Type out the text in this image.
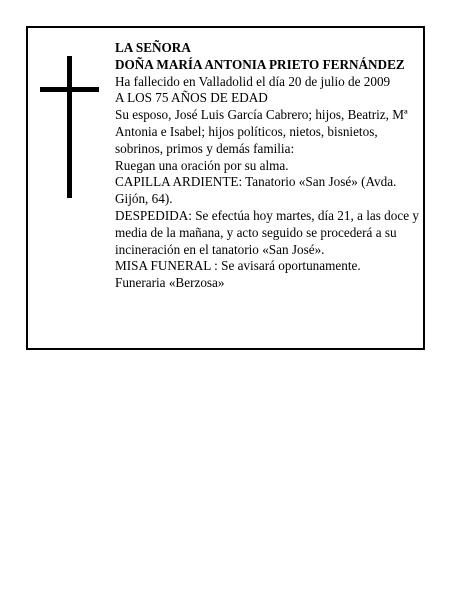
LA SEÑORA
DOÑA MARÍA ANTONIA PRIETO FERNÁNDEZ
Ha fallecido en Valladolid el día 20 de julio de 2009
A LOS 75 AÑOS DE EDAD
Su esposo, José Luis García Cabrero; hijos, Beatriz, Mª Antonia e Isabel; hijos políticos, nietos, bisnietos, sobrinos, primos y demás familia:
Ruegan una oración por su alma.
CAPILLA ARDIENTE: Tanatorio «San José» (Avda. Gijón, 64).
DESPEDIDA: Se efectúa hoy martes, día 21, a las doce y media de la mañana, y acto seguido se procederá a su incineración en el tanatorio «San José».
MISA FUNERAL : Se avisará oportunamente.
Funeraria «Berzosa»
